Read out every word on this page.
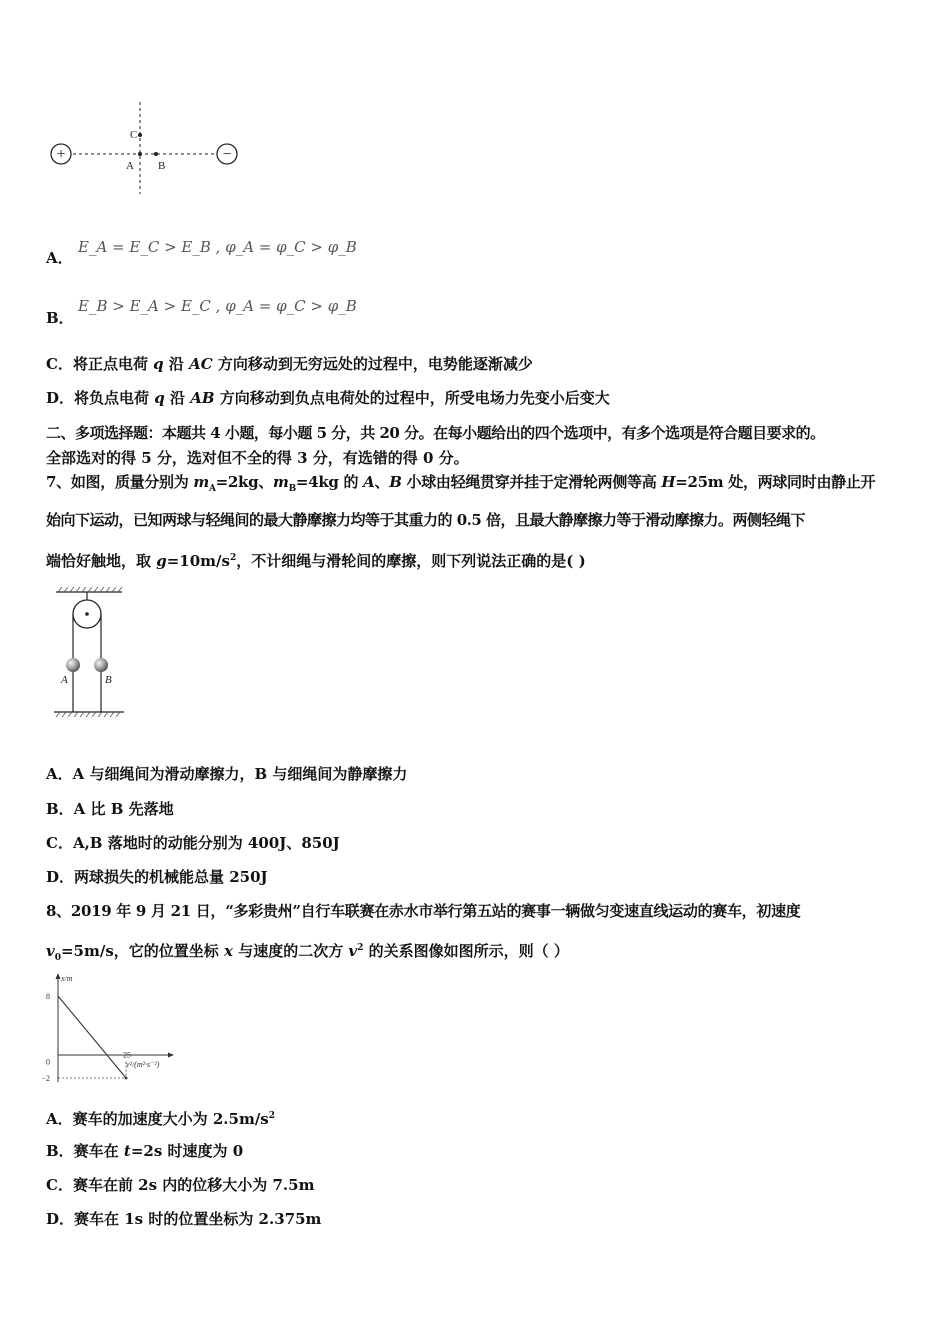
+	−
C
A B
A．
E_A = E_C > E_B , φ_A = φ_C > φ_B
B．
E_B > E_A > E_C , φ_A = φ_C > φ_B
C．将正点电荷 q 沿 AC 方向移动到无穷远处的过程中，电势能逐渐减少
D．将负点电荷 q 沿 AB 方向移动到负点电荷处的过程中，所受电场力先变小后变大
二、多项选择题：本题共 4 小题，每小题 5 分，共 20 分。在每小题给出的四个选项中，有多个选项是符合题目要求的。
全部选对的得 5 分，选对但不全的得 3 分，有选错的得 0 分。
7、如图，质量分别为 $m_A=2kg$、$m_B=4kg$ 的 A、B 小球由轻绳贯穿并挂于定滑轮两侧等高 H=25m 处，两球同时由静止开
始向下运动，已知两球与轻绳间的最大静摩擦力均等于其重力的 0.5 倍，且最大静摩擦力等于滑动摩擦力。两侧轻绳下
端恰好触地，取 $g=10m/s^2$，不计细绳与滑轮间的摩擦，则下列说法正确的是( )
A	B
A．A 与细绳间为滑动摩擦力，B 与细绳间为静摩擦力
B．A 比 B 先落地
C．A,B 落地时的动能分别为 400J、850J
D．两球损失的机械能总量 250J
8、2019 年 9 月 21 日，“多彩贵州”自行车联赛在赤水市举行第五站的赛事一辆做匀变速直线运动的赛车，初速度
$v_0=5m/s$，它的位置坐标 x 与速度的二次方 $v^2$ 的关系图像如图所示，则（ ）
x/m
v²/(m²·s⁻²)
8
0
−2
25
A．赛车的加速度大小为 $2.5m/s^2$
B．赛车在 t=2s 时速度为 0
C．赛车在前 2s 内的位移大小为 7.5m
D．赛车在 1s 时的位置坐标为 2.375m
